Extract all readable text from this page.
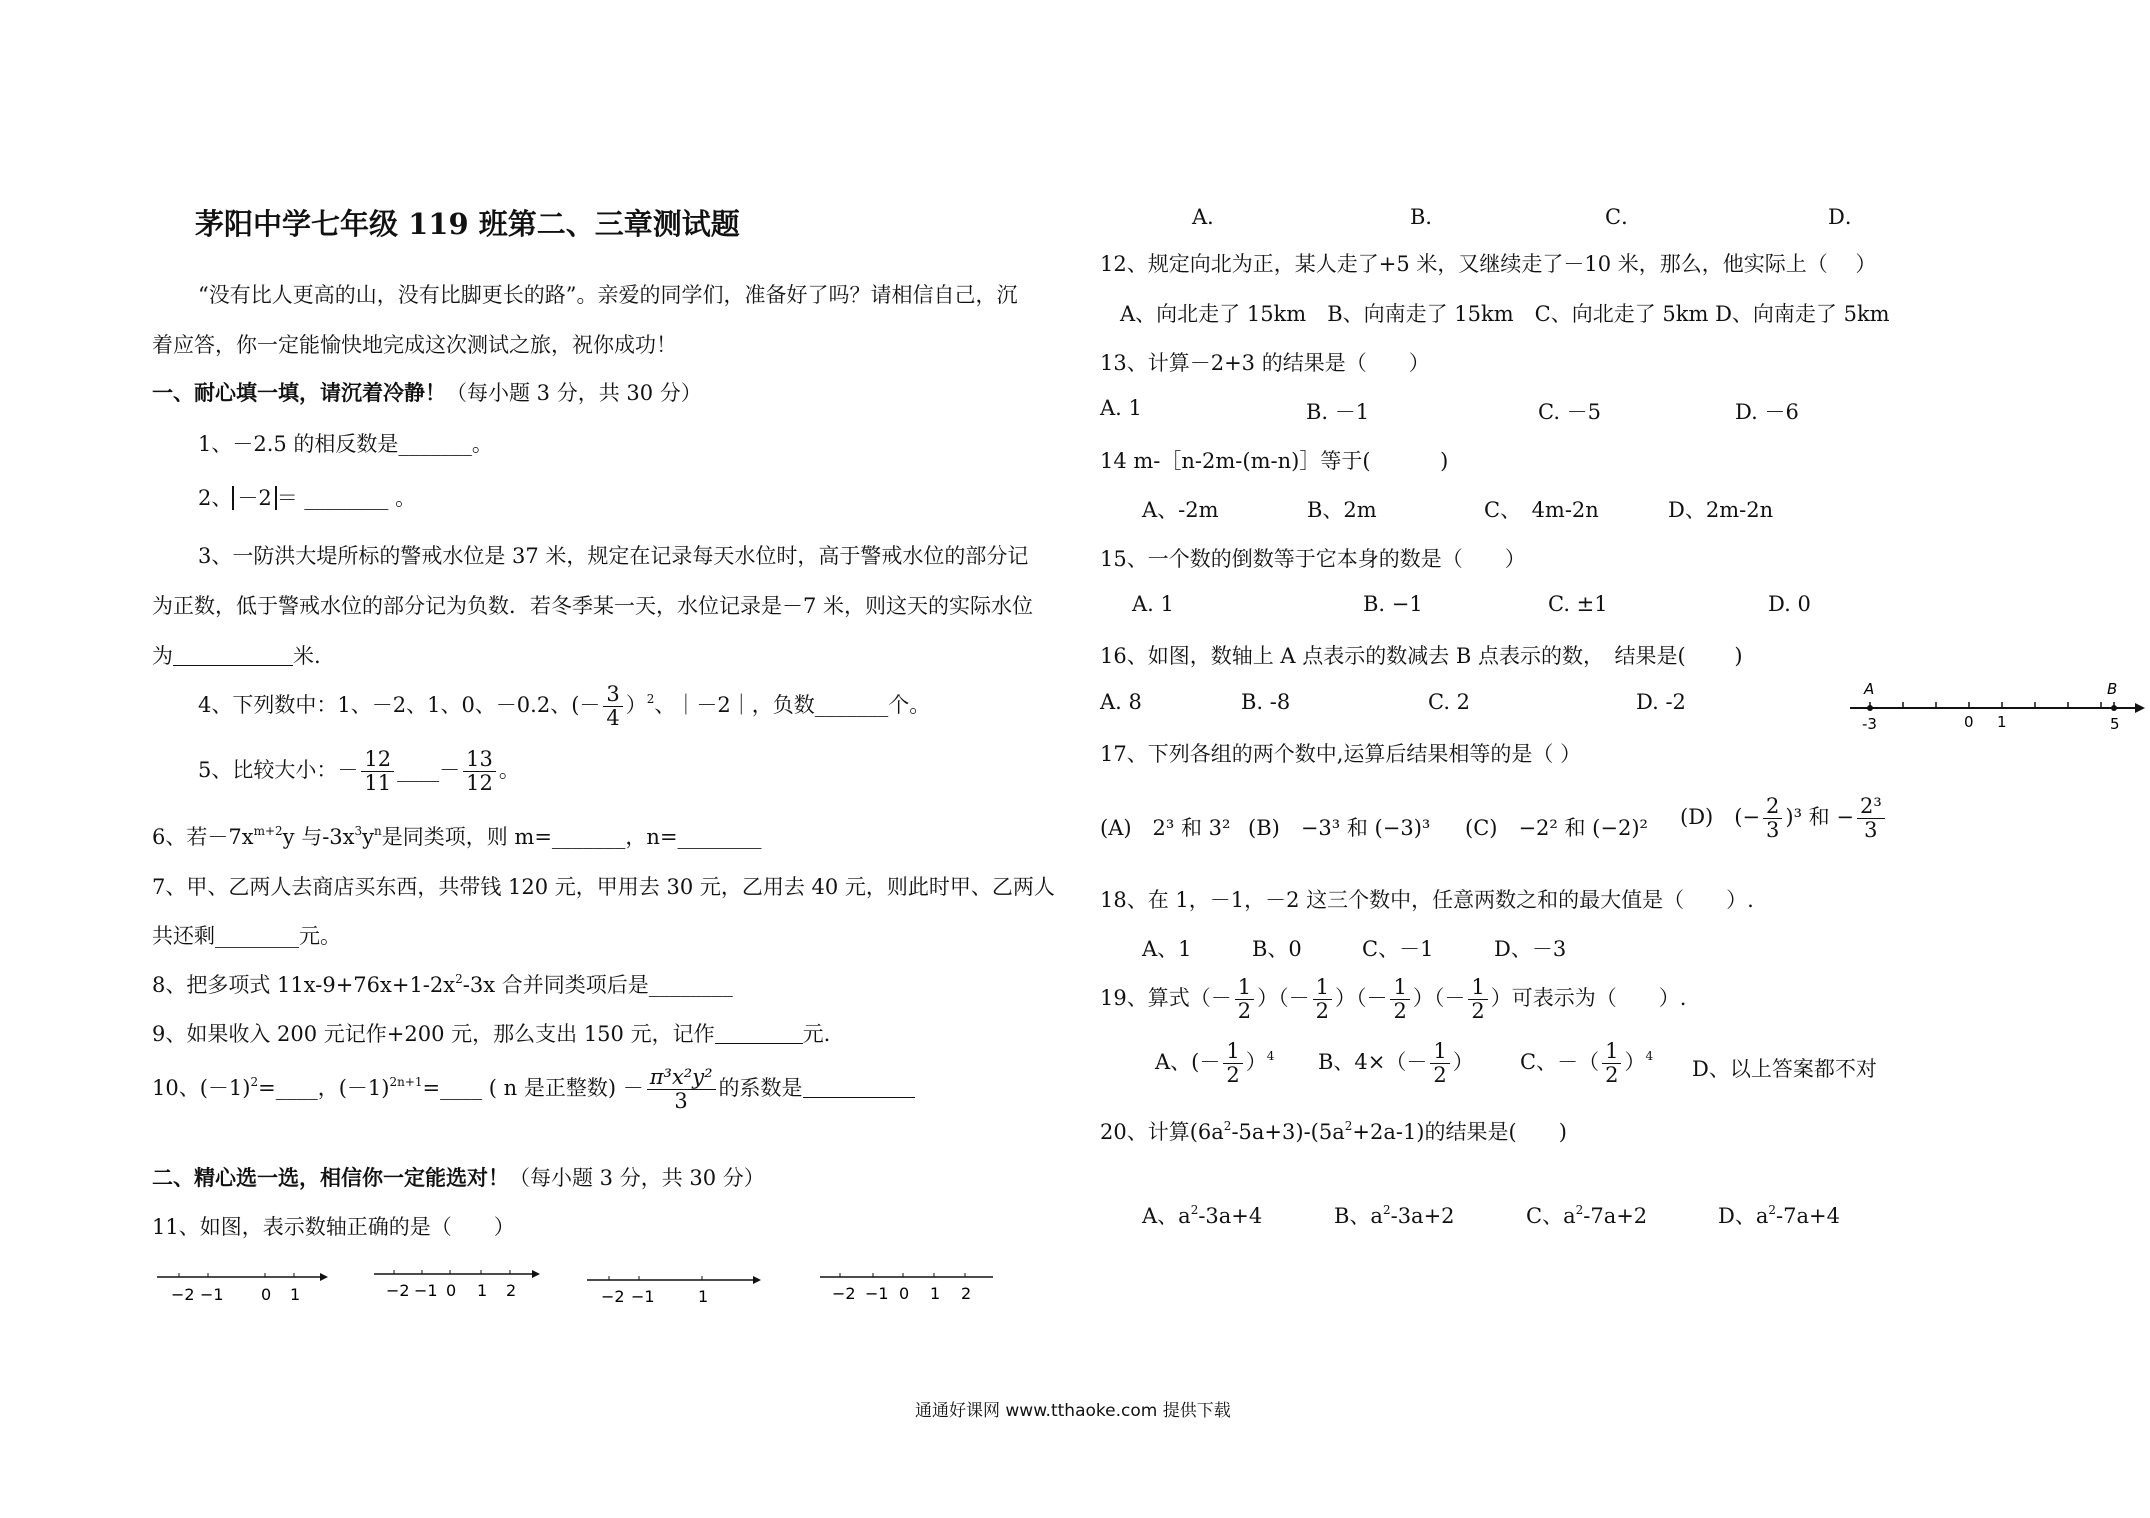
茅阳中学七年级 119 班第二、三章测试题
“没有比人更高的山，没有比脚更长的路”。亲爱的同学们，准备好了吗？请相信自己，沉
着应答，你一定能愉快地完成这次测试之旅，祝你成功！
一、耐心填一填，请沉着冷静！（每小题 3 分，共 30 分）
1、－2.5 的相反数是_______。
2、 －2 ＝ ________ 。
3、一防洪大堤所标的警戒水位是 37 米，规定在记录每天水位时，高于警戒水位的部分记
为正数，低于警戒水位的部分记为负数．若冬季某一天，水位记录是－7 米，则这天的实际水位
为	米.
4、下列数中：1、－2、1、0、－0.2、(－ $\frac{3}{4} )^2$、｜－2｜，负数_______个。
5、比较大小：－ $\frac{12}{11}$ ____－ $\frac{13}{12}$ 。
6、若$-7x^{m+2}y$ 与$-3x^3y^n$是同类项，则 m=_______，n=________
7、甲、乙两人去商店买东西，共带钱 120 元，甲用去 30 元，乙用去 40 元，则此时甲、乙两人
共还剩________元。
8、把多项式 $11x-9+76x+1-2x^2-3x$ 合并同类项后是________
9、如果收入 200 元记作+200 元，那么支出 150 元，记作	元.
10、$(-1)^2=\_\_\_\_$，$(-1)^{2n+1}=\_\_\_\_$ ( n 是正整数) － $\frac{\text{π³x²y²}}{3}$ 的系数是
二、精心选一选，相信你一定能选对！（每小题 3 分，共 30 分）
11、如图，表示数轴正确的是（　　）
−2 −1 0 1	−2 −1 0 1 2	−2 −1	1	−2 −1 0 1 2
A．	B．	C．	D．
12、规定向北为正，某人走了+5 米，又继续走了－10 米，那么，他实际上（　 ）
A、向北走了 15km　B、向南走了 15km　C、向北走了 5km D、向南走了 5km
13、计算－2+3 的结果是（　　）
A. 1	B. －1	C. －5	D. －6
14 m-［n-2m-(m-n)］等于(　　　 )
A、-2m	B、2m	C、　4m-2n	D、2m-2n
15、一个数的倒数等于它本身的数是（　　）
A. 1	B. −1	C. ±1	D. 0
16、如图，数轴上 A 点表示的数减去 B 点表示的数，　结果是(　　 )
A. 8	B. -8	C. 2	D. -2
A	B
-3	0 1	5
17、下列各组的两个数中,运算后结果相等的是（ ）
(A)　2³ 和 3² (B)　−3³ 和 (−3)³ (C)　−2² 和 (−2)² (D)　(− $\frac{2}{3} )^3$ 和 − $\frac{\text{2³}}{3}$
18、在 1，－1，－2 这三个数中，任意两数之和的最大值是（　　）.
A、1	B、0	C、－1	D、－3
19、算式（－ $\frac{1}{2}$ ）（－ $\frac{1}{2}$ ）（－ $\frac{1}{2}$ ）（－ $\frac{1}{2}$ ）可表示为（　　）.
A、(－ $\frac{1}{2} )^4$ B、$4\times(- \frac{1}{2}$ ） C、－（ $\frac{1}{2} )^4$
D、以上答案都不对
20、计算$(6a^2-5a+3)-(5a^2+2a-1)$的结果是(　　)
A、$a^2-3a+4$	B、$a^2-3a+2$	C、$a^2-7a+2$	D、$a^2-7a+4$
通通好课网 www.tthaoke.com 提供下载
